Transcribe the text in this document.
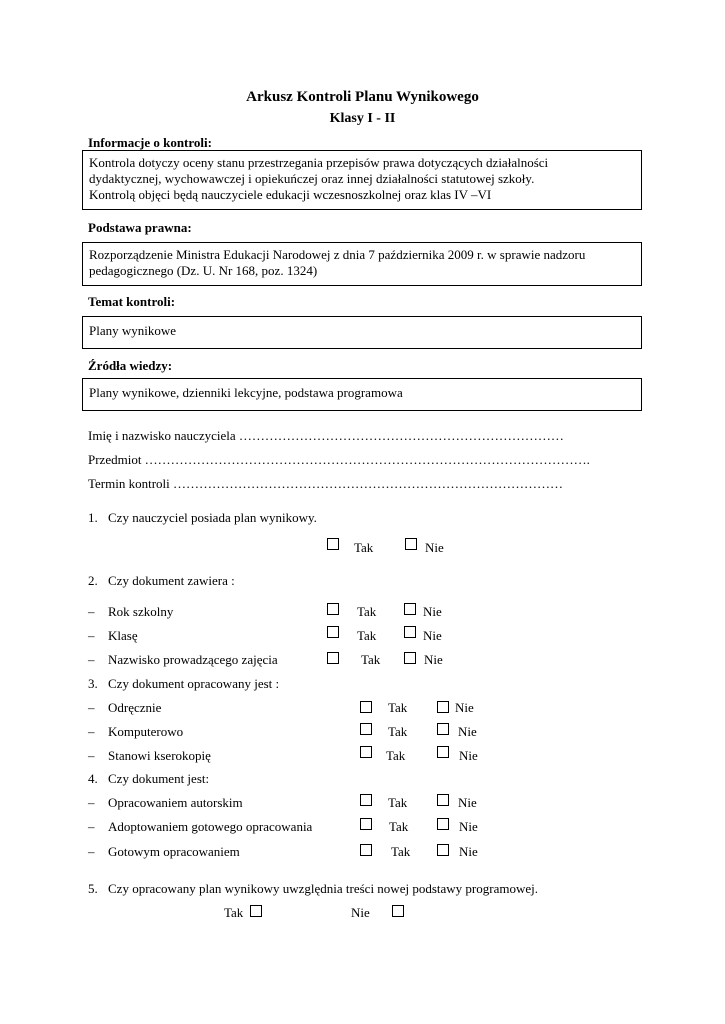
Arkusz Kontroli Planu Wynikowego
Klasy I - II
Informacje o kontroli:
Kontrola dotyczy oceny stanu przestrzegania przepisów prawa dotyczących działalności
dydaktycznej, wychowawczej i opiekuńczej oraz innej działalności statutowej szkoły.
Kontrolą objęci będą nauczyciele edukacji wczesnoszkolnej oraz klas IV –VI
Podstawa prawna:
Rozporządzenie Ministra Edukacji Narodowej z dnia 7 października 2009 r. w sprawie nadzoru
pedagogicznego (Dz. U. Nr 168, poz. 1324)
Temat kontroli:
Plany wynikowe
Źródła wiedzy:
Plany wynikowe, dzienniki lekcyjne, podstawa programowa
Imię i nazwisko nauczyciela …………………………………………………………………
Przedmiot ………………………………………………………………………………………….
Termin kontroli ………………………………………………………………………………
1. Czy nauczyciel posiada plan wynikowy.
Tak	Nie
2. Czy dokument zawiera :
– Rok szkolny	Tak	Nie
– Klasę	Tak	Nie
– Nazwisko prowadzącego zajęcia	Tak	Nie
3. Czy dokument opracowany jest :
– Odręcznie	Tak	Nie
– Komputerowo	Tak	Nie
– Stanowi kserokopię	Tak	Nie
4. Czy dokument jest:
– Opracowaniem autorskim	Tak	Nie
– Adoptowaniem gotowego opracowania	Tak	Nie
– Gotowym opracowaniem	Tak	Nie
5. Czy opracowany plan wynikowy uwzględnia treści nowej podstawy programowej.
Tak	Nie
